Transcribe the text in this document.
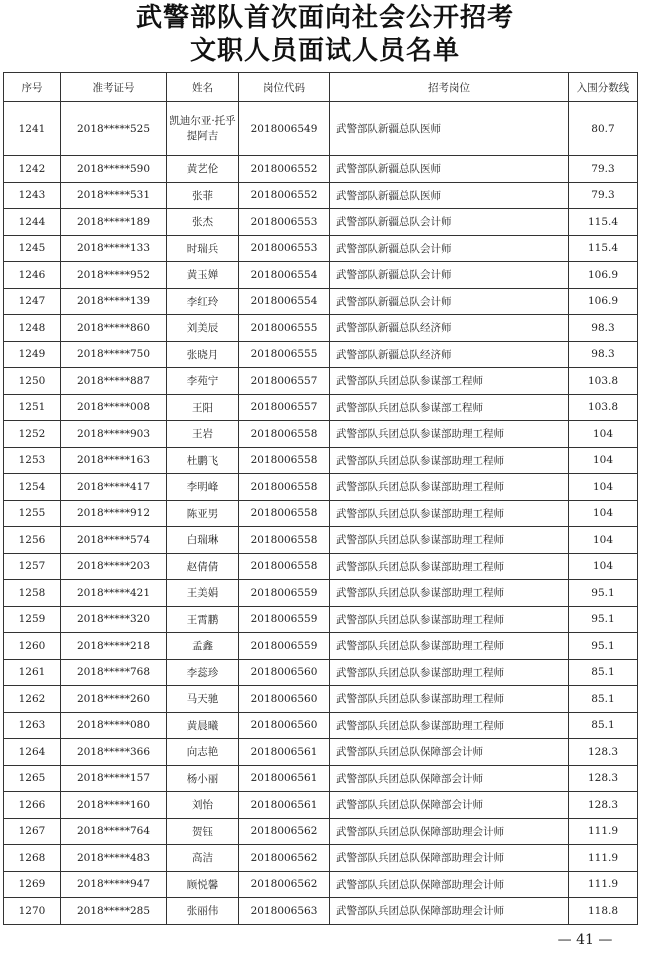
武警部队首次面向社会公开招考
文职人员面试人员名单
序号	准考证号	姓名	岗位代码	招考岗位	入围分数线
1241	2018*****525	凯迪尔亚·托乎提阿吉	2018006549	武警部队新疆总队医师	80.7
1242	2018*****590	黄艺伦	2018006552	武警部队新疆总队医师	79.3
1243	2018*****531	张菲	2018006552	武警部队新疆总队医师	79.3
1244	2018*****189	张杰	2018006553	武警部队新疆总队会计师	115.4
1245	2018*****133	时瑞兵	2018006553	武警部队新疆总队会计师	115.4
1246	2018*****952	黄玉婵	2018006554	武警部队新疆总队会计师	106.9
1247	2018*****139	李红玲	2018006554	武警部队新疆总队会计师	106.9
1248	2018*****860	刘美辰	2018006555	武警部队新疆总队经济师	98.3
1249	2018*****750	张晓月	2018006555	武警部队新疆总队经济师	98.3
1250	2018*****887	李苑宁	2018006557	武警部队兵团总队参谋部工程师	103.8
1251	2018*****008	王阳	2018006557	武警部队兵团总队参谋部工程师	103.8
1252	2018*****903	王岩	2018006558	武警部队兵团总队参谋部助理工程师	104
1253	2018*****163	杜鹏飞	2018006558	武警部队兵团总队参谋部助理工程师	104
1254	2018*****417	李明峰	2018006558	武警部队兵团总队参谋部助理工程师	104
1255	2018*****912	陈亚男	2018006558	武警部队兵团总队参谋部助理工程师	104
1256	2018*****574	白瑞琳	2018006558	武警部队兵团总队参谋部助理工程师	104
1257	2018*****203	赵倩倩	2018006558	武警部队兵团总队参谋部助理工程师	104
1258	2018*****421	王美娟	2018006559	武警部队兵团总队参谋部助理工程师	95.1
1259	2018*****320	王霄鹏	2018006559	武警部队兵团总队参谋部助理工程师	95.1
1260	2018*****218	孟鑫	2018006559	武警部队兵团总队参谋部助理工程师	95.1
1261	2018*****768	李蕊珍	2018006560	武警部队兵团总队参谋部助理工程师	85.1
1262	2018*****260	马天驰	2018006560	武警部队兵团总队参谋部助理工程师	85.1
1263	2018*****080	黄晨曦	2018006560	武警部队兵团总队参谋部助理工程师	85.1
1264	2018*****366	向志艳	2018006561	武警部队兵团总队保障部会计师	128.3
1265	2018*****157	杨小丽	2018006561	武警部队兵团总队保障部会计师	128.3
1266	2018*****160	刘怡	2018006561	武警部队兵团总队保障部会计师	128.3
1267	2018*****764	贺钰	2018006562	武警部队兵团总队保障部助理会计师	111.9
1268	2018*****483	高洁	2018006562	武警部队兵团总队保障部助理会计师	111.9
1269	2018*****947	顾悦馨	2018006562	武警部队兵团总队保障部助理会计师	111.9
1270	2018*****285	张丽伟	2018006563	武警部队兵团总队保障部助理会计师	118.8
— 41 —
